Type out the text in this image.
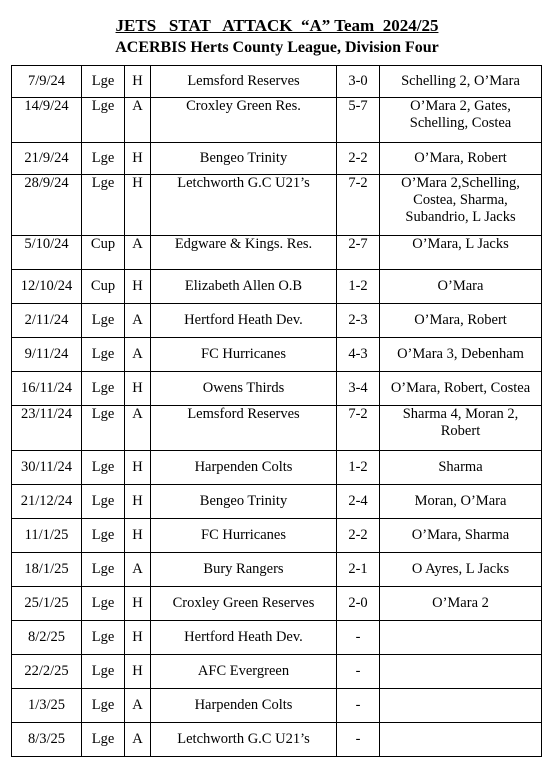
JETS   STAT   ATTACK  “A” Team  2024/25
ACERBIS Herts County League, Division Four
7/9/24	Lge	H	Lemsford Reserves	3-0	Schelling 2, O’Mara
14/9/24	Lge	A	Croxley Green Res.	5-7	O’Mara 2, Gates, Schelling, Costea
21/9/24	Lge	H	Bengeo Trinity	2-2	O’Mara, Robert
28/9/24	Lge	H	Letchworth G.C U21’s	7-2	O’Mara 2,Schelling, Costea, Sharma, Subandrio, L Jacks
5/10/24	Cup	A	Edgware & Kings. Res.	2-7	O’Mara, L Jacks
12/10/24	Cup	H	Elizabeth Allen O.B	1-2	O’Mara
2/11/24	Lge	A	Hertford Heath Dev.	2-3	O’Mara, Robert
9/11/24	Lge	A	FC Hurricanes	4-3	O’Mara 3, Debenham
16/11/24	Lge	H	Owens Thirds	3-4	O’Mara, Robert, Costea
23/11/24	Lge	A	Lemsford Reserves	7-2	Sharma 4, Moran 2, Robert
30/11/24	Lge	H	Harpenden Colts	1-2	Sharma
21/12/24	Lge	H	Bengeo Trinity	2-4	Moran, O’Mara
11/1/25	Lge	H	FC Hurricanes	2-2	O’Mara, Sharma
18/1/25	Lge	A	Bury Rangers	2-1	O Ayres, L Jacks
25/1/25	Lge	H	Croxley Green Reserves	2-0	O’Mara 2
8/2/25	Lge	H	Hertford Heath Dev.	-	
22/2/25	Lge	H	AFC Evergreen	-	
1/3/25	Lge	A	Harpenden Colts	-	
8/3/25	Lge	A	Letchworth G.C U21’s	-	
